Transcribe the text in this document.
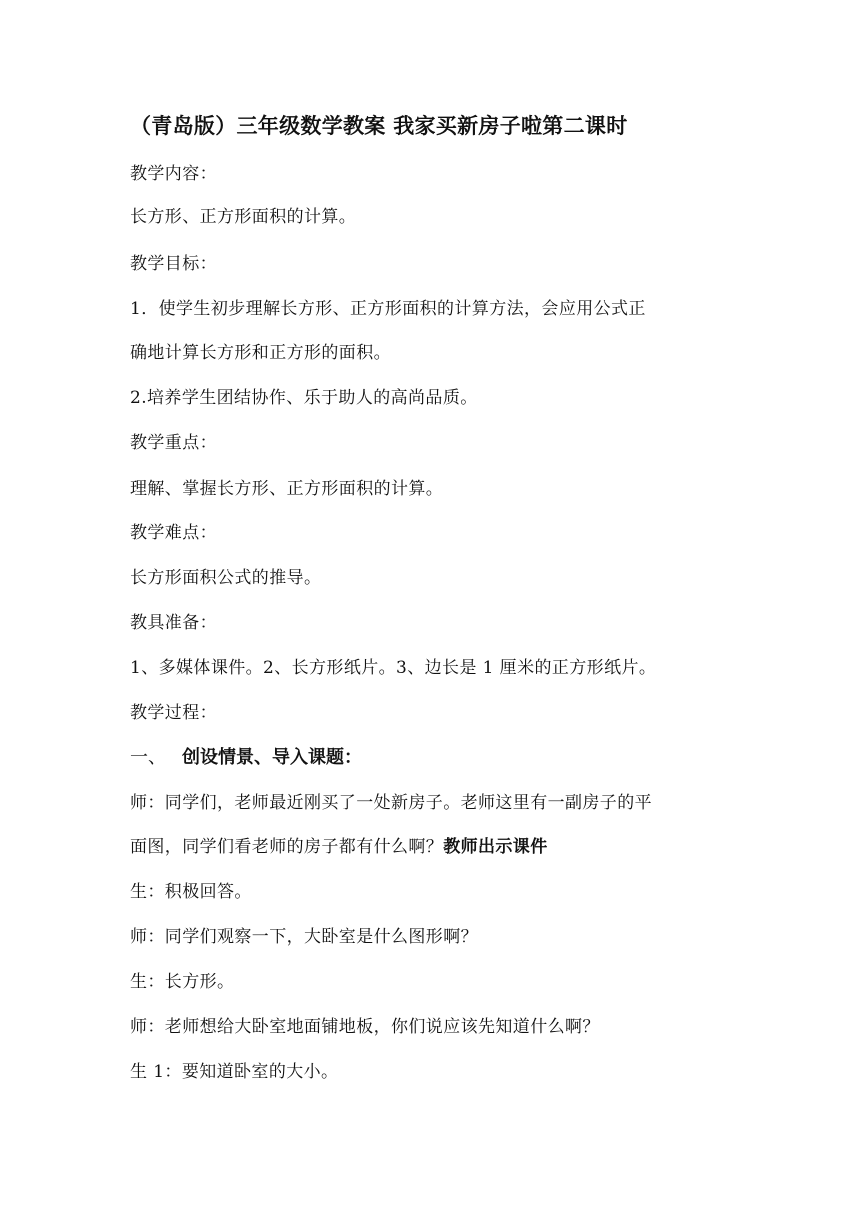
（青岛版）三年级数学教案 我家买新房子啦第二课时
教学内容：
长方形、正方形面积的计算。
教学目标：
1．使学生初步理解长方形、正方形面积的计算方法，会应用公式正
确地计算长方形和正方形的面积。
2.培养学生团结协作、乐于助人的高尚品质。
教学重点：
理解、掌握长方形、正方形面积的计算。
教学难点：
长方形面积公式的推导。
教具准备：
1、多媒体课件。2、长方形纸片。3、边长是 1 厘米的正方形纸片。
教学过程：
一、 创设情景、导入课题：
师：同学们，老师最近刚买了一处新房子。老师这里有一副房子的平
面图，同学们看老师的房子都有什么啊？教师出示课件
生：积极回答。
师：同学们观察一下，大卧室是什么图形啊？
生：长方形。
师：老师想给大卧室地面铺地板，你们说应该先知道什么啊？
生 1：要知道卧室的大小。
